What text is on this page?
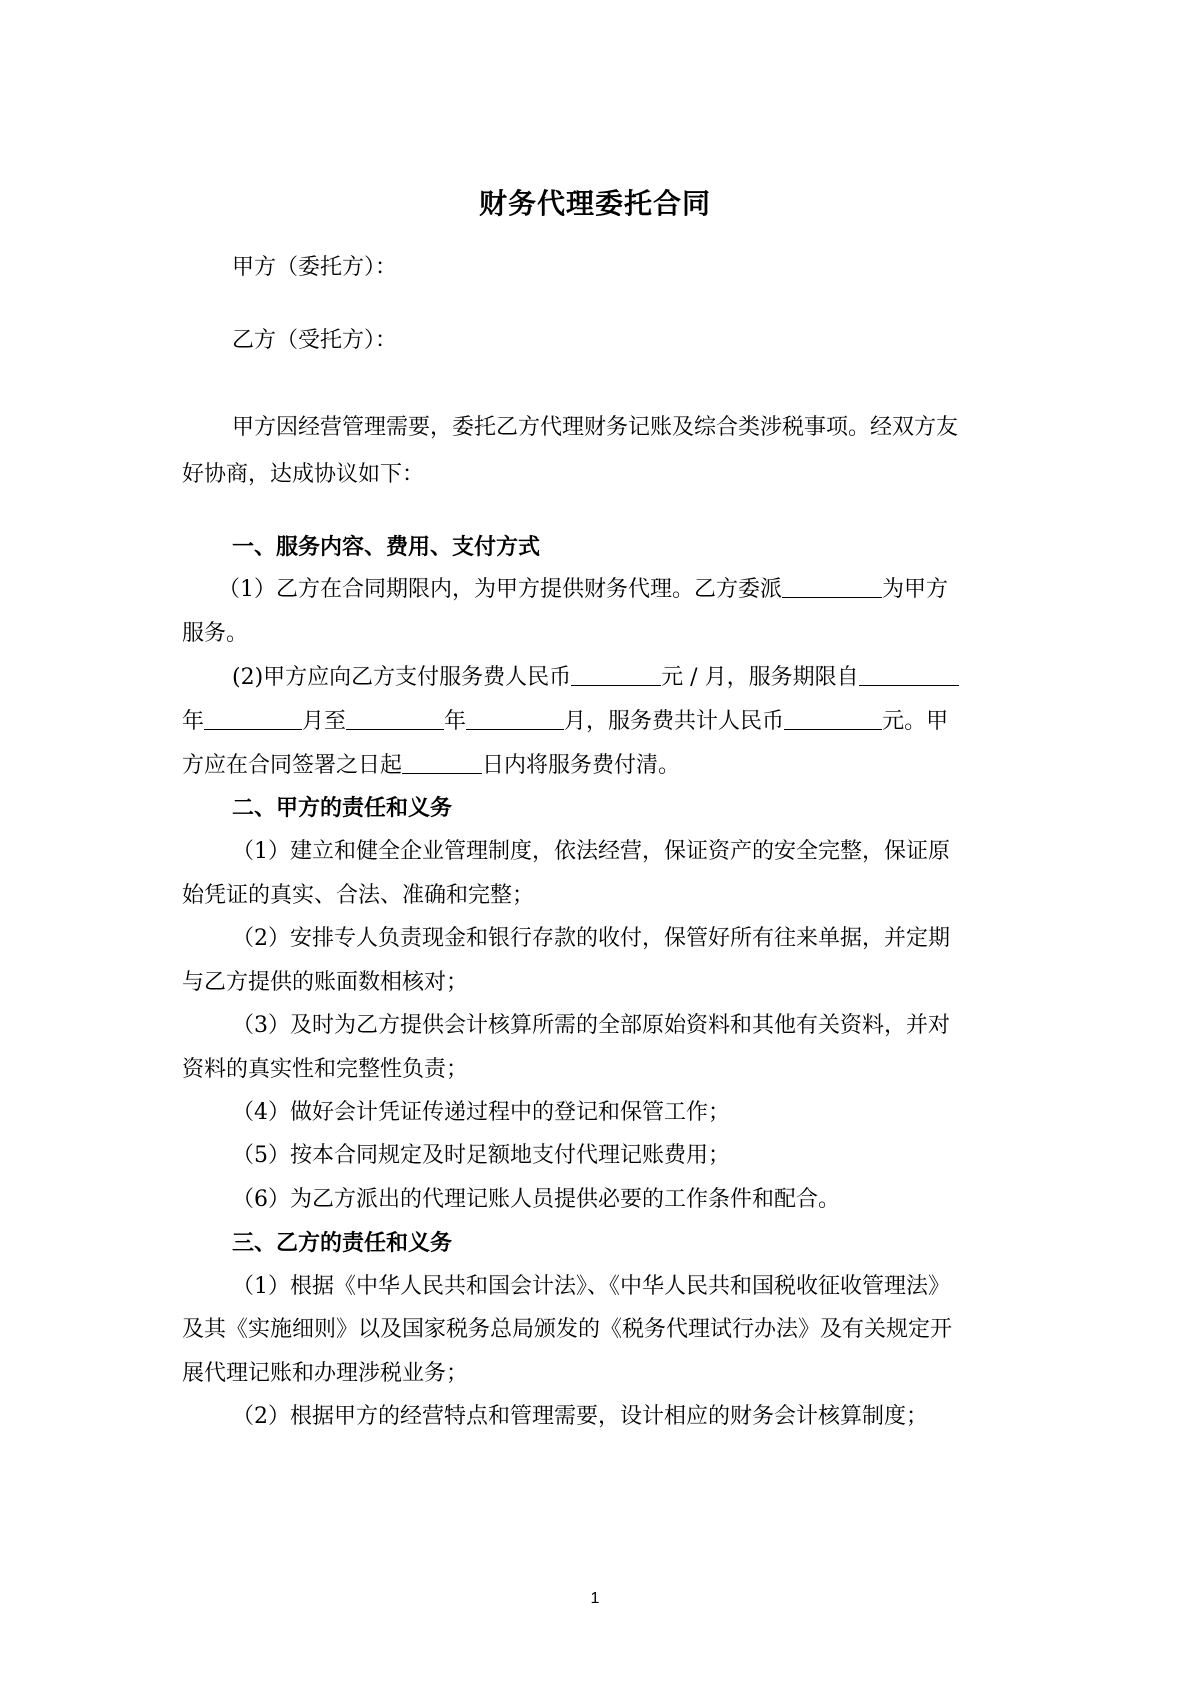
财务代理委托合同
甲方（委托方）：
乙方（受托方）：
甲方因经营管理需要，委托乙方代理财务记账及综合类涉税事项。经双方友
好协商，达成协议如下：
一、服务内容、费用、支付方式
（1）乙方在合同期限内，为甲方提供财务代理。乙方委派	为甲方
服务。
(2)甲方应向乙方支付服务费人民币	元 / 月，服务期限自
年	月至	年	月，服务费共计人民币	元。甲
方应在合同签署之日起	日内将服务费付清。
二、甲方的责任和义务
（1）建立和健全企业管理制度，依法经营，保证资产的安全完整，保证原
始凭证的真实、合法、准确和完整；
（2）安排专人负责现金和银行存款的收付，保管好所有往来单据，并定期
与乙方提供的账面数相核对；
（3）及时为乙方提供会计核算所需的全部原始资料和其他有关资料，并对
资料的真实性和完整性负责；
（4）做好会计凭证传递过程中的登记和保管工作；
（5）按本合同规定及时足额地支付代理记账费用；
（6）为乙方派出的代理记账人员提供必要的工作条件和配合。
三、乙方的责任和义务
（1）根据《中华人民共和国会计法》、《中华人民共和国税收征收管理法》
及其《实施细则》以及国家税务总局颁发的《税务代理试行办法》及有关规定开
展代理记账和办理涉税业务；
（2）根据甲方的经营特点和管理需要，设计相应的财务会计核算制度；
1
